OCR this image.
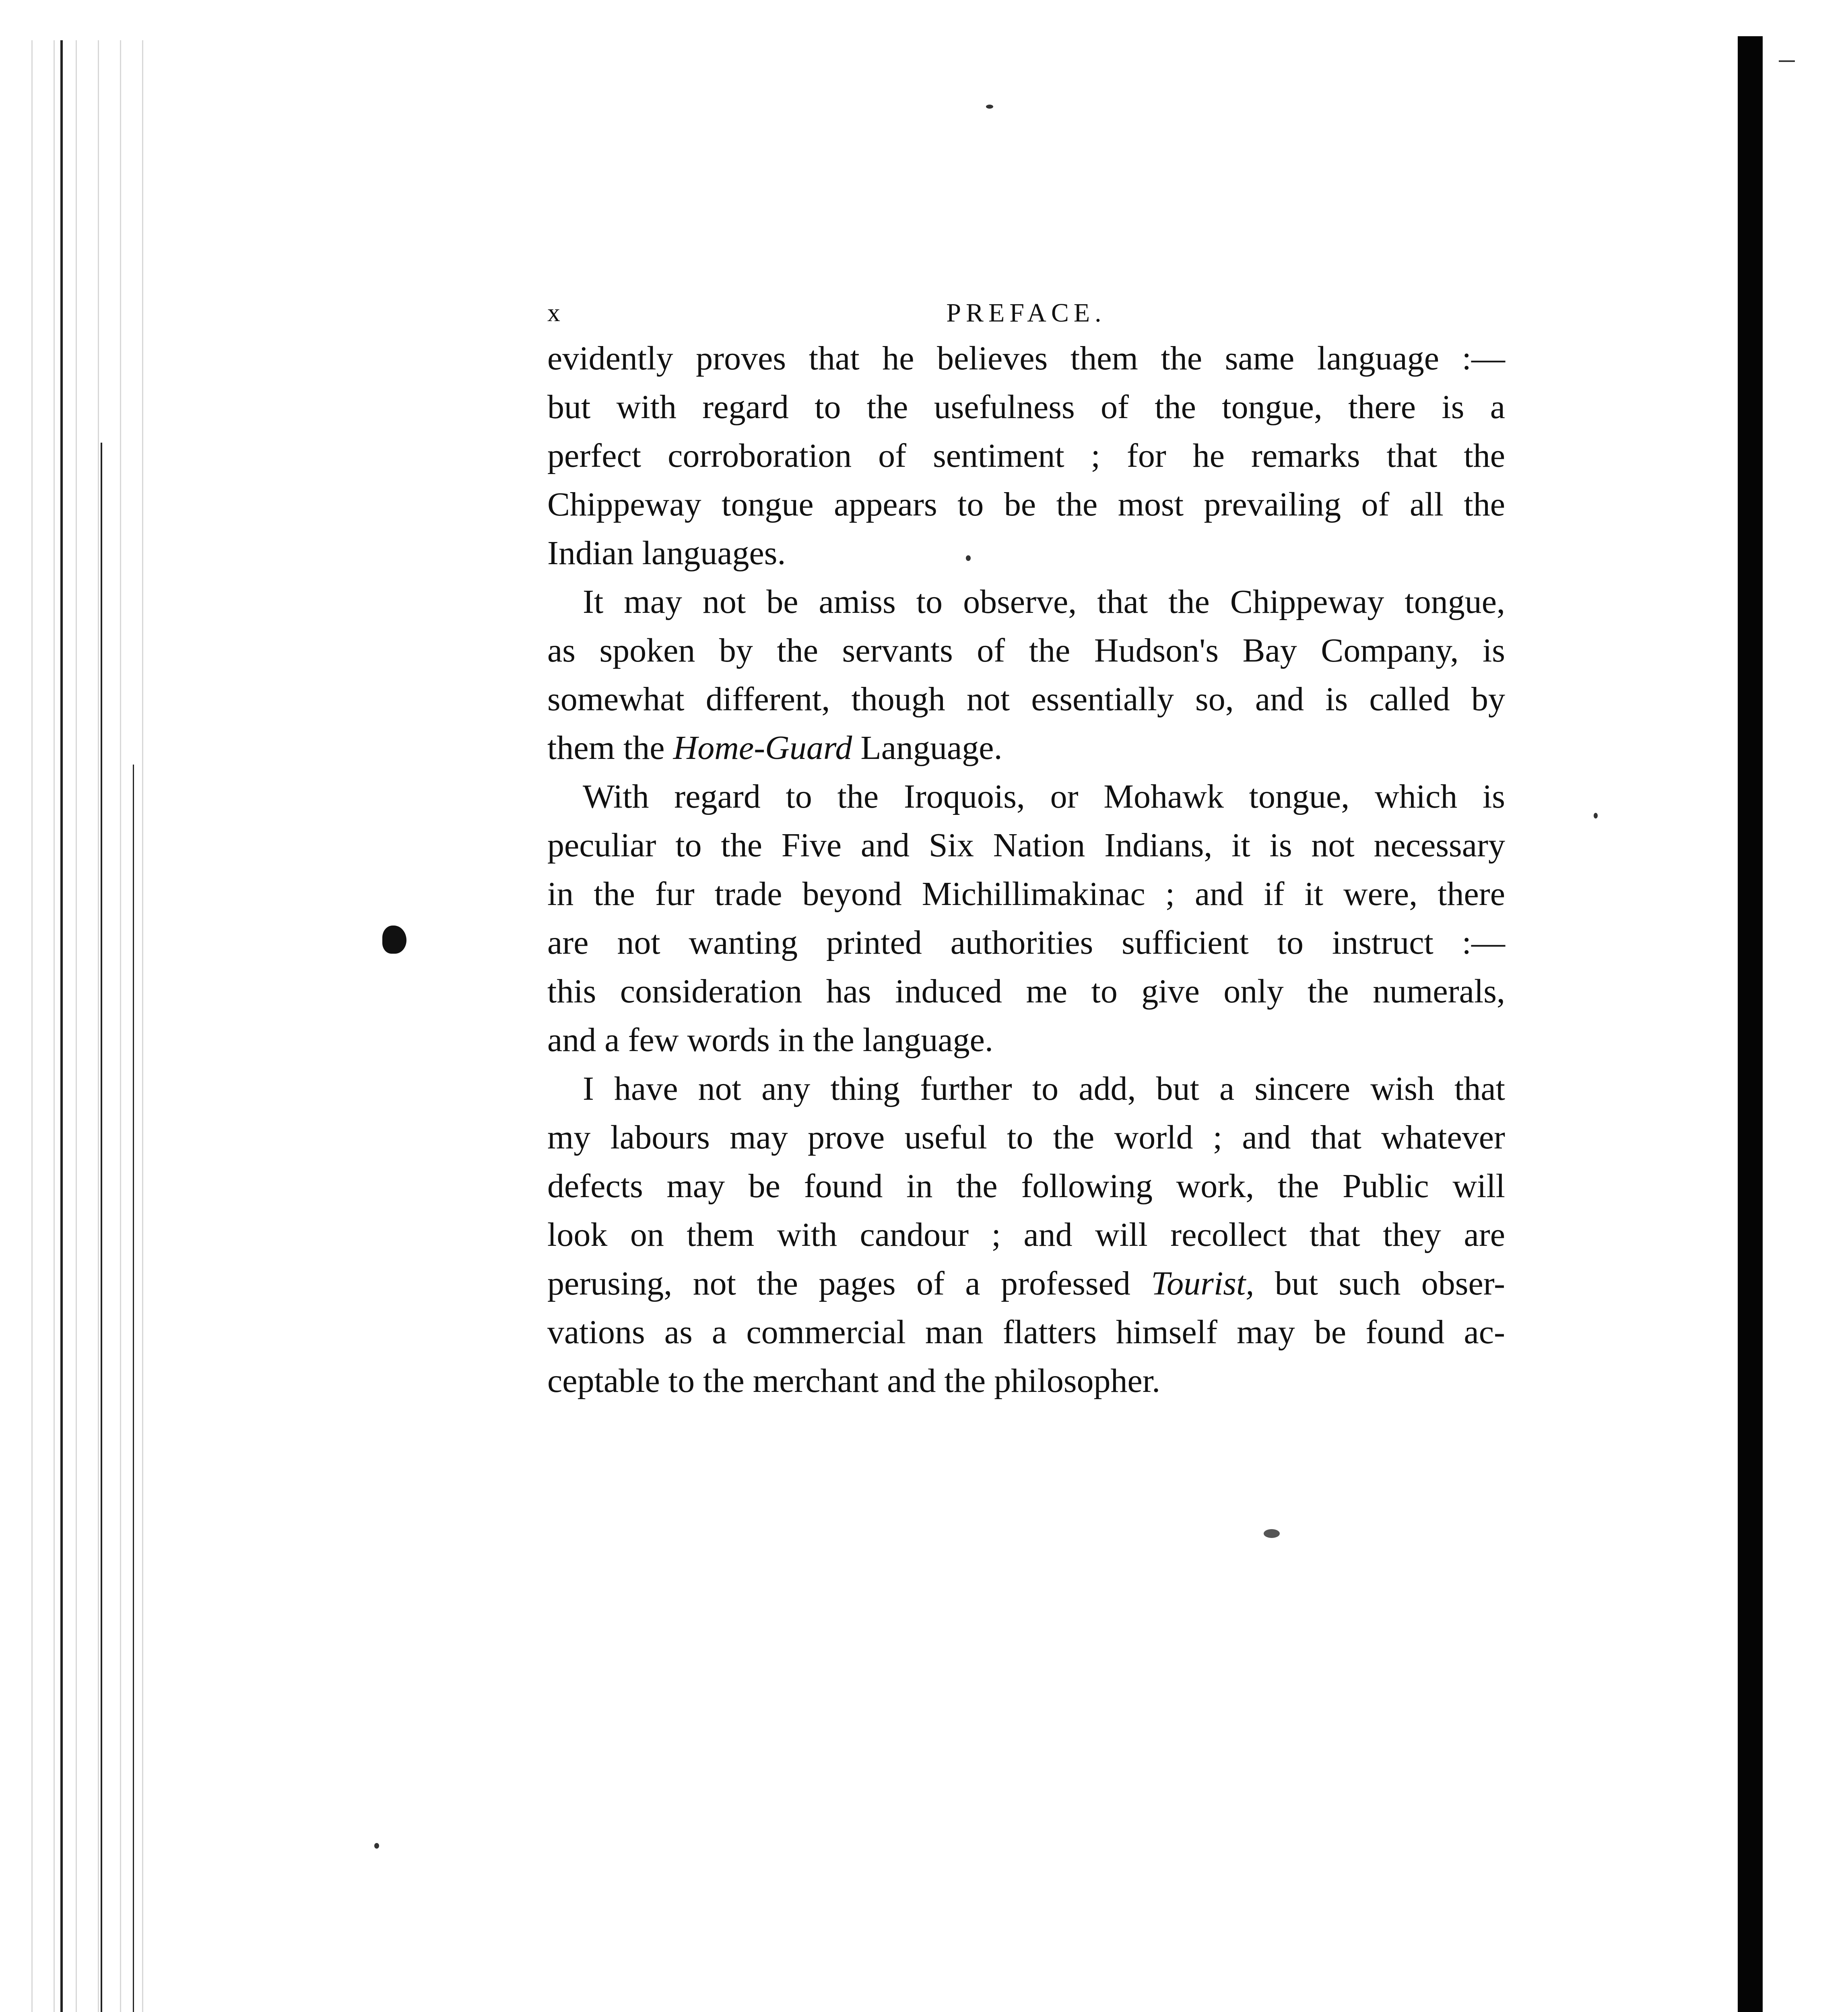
x	PREFACE.

evidently proves that he believes them the same language :—
but with regard to the usefulness of the tongue, there is a
perfect corroboration of sentiment ; for he remarks that the
Chippeway tongue appears to be the most prevailing of all the
Indian languages.

It may not be amiss to observe, that the Chippeway tongue,
as spoken by the servants of the Hudson's Bay Company, is
somewhat different, though not essentially so, and is called by
them the Home-Guard Language.

With regard to the Iroquois, or Mohawk tongue, which is
peculiar to the Five and Six Nation Indians, it is not necessary
in the fur trade beyond Michillimakinac ; and if it were, there
are not wanting printed authorities sufficient to instruct :—
this consideration has induced me to give only the numerals,
and a few words in the language.

I have not any thing further to add, but a sincere wish that
my labours may prove useful to the world ; and that whatever
defects may be found in the following work, the Public will
look on them with candour ; and will recollect that they are
perusing, not the pages of a professed Tourist, but such obser-
vations as a commercial man flatters himself may be found ac-
ceptable to the merchant and the philosopher.
